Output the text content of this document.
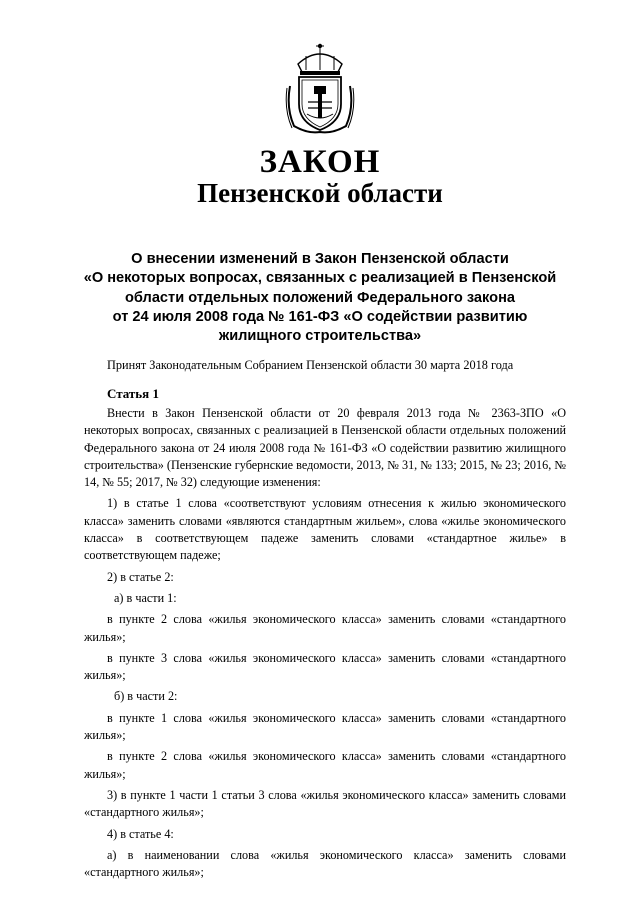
ЗАКОН
Пензенской области
О внесении изменений в Закон Пензенской области
«О некоторых вопросах, связанных с реализацией в Пензенской
области отдельных положений Федерального закона
от 24 июля 2008 года № 161-ФЗ «О содействии развитию
жилищного строительства»

Принят Законодательным Собранием Пензенской области 30 марта 2018 года

Статья 1

Внести в Закон Пензенской области от 20 февраля 2013 года № 2363-ЗПО «О некоторых вопросах, связанных с реализацией в Пензенской области отдельных положений Федерального закона от 24 июля 2008 года № 161-ФЗ «О содействии развитию жилищного строительства» (Пензенские губернские ведомости, 2013, № 31, № 133; 2015, № 23; 2016, № 14, № 55; 2017, № 32) следующие изменения:

1) в статье 1 слова «соответствуют условиям отнесения к жилью экономического класса» заменить словами «являются стандартным жильем», слова «жилье экономического класса» в соответствующем падеже заменить словами «стандартное жилье» в соответствующем падеже;

2) в статье 2:

а) в части 1:

в пункте 2 слова «жилья экономического класса» заменить словами «стандартного жилья»;

в пункте 3 слова «жилья экономического класса» заменить словами «стандартного жилья»;

б) в части 2:

в пункте 1 слова «жилья экономического класса» заменить словами «стандартного жилья»;

в пункте 2 слова «жилья экономического класса» заменить словами «стандартного жилья»;

3) в пункте 1 части 1 статьи 3 слова «жилья экономического класса» заменить словами «стандартного жилья»;

4) в статье 4:

а) в наименовании слова «жилья экономического класса» заменить словами «стандартного жилья»;
